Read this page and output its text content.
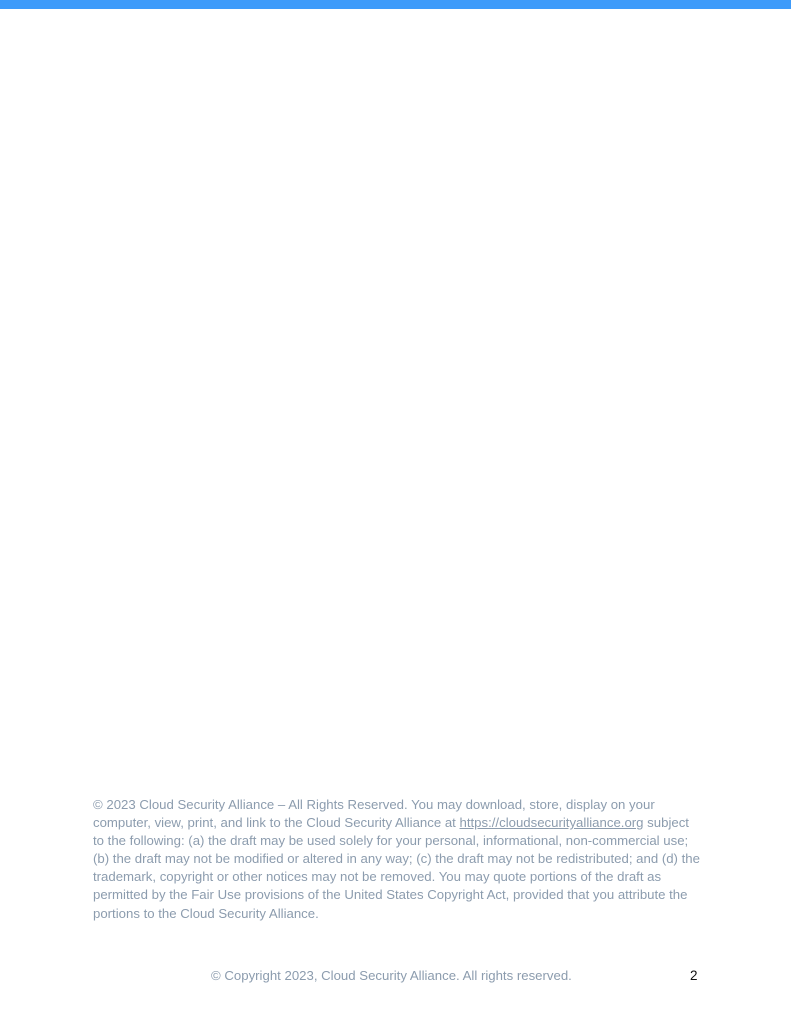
© 2023 Cloud Security Alliance – All Rights Reserved. You may download, store, display on your computer, view, print, and link to the Cloud Security Alliance at https://cloudsecurityalliance.org subject to the following: (a) the draft may be used solely for your personal, informational, non-commercial use; (b) the draft may not be modified or altered in any way; (c) the draft may not be redistributed; and (d) the trademark, copyright or other notices may not be removed. You may quote portions of the draft as permitted by the Fair Use provisions of the United States Copyright Act, provided that you attribute the portions to the Cloud Security Alliance.

© Copyright 2023, Cloud Security Alliance. All rights reserved.	2
